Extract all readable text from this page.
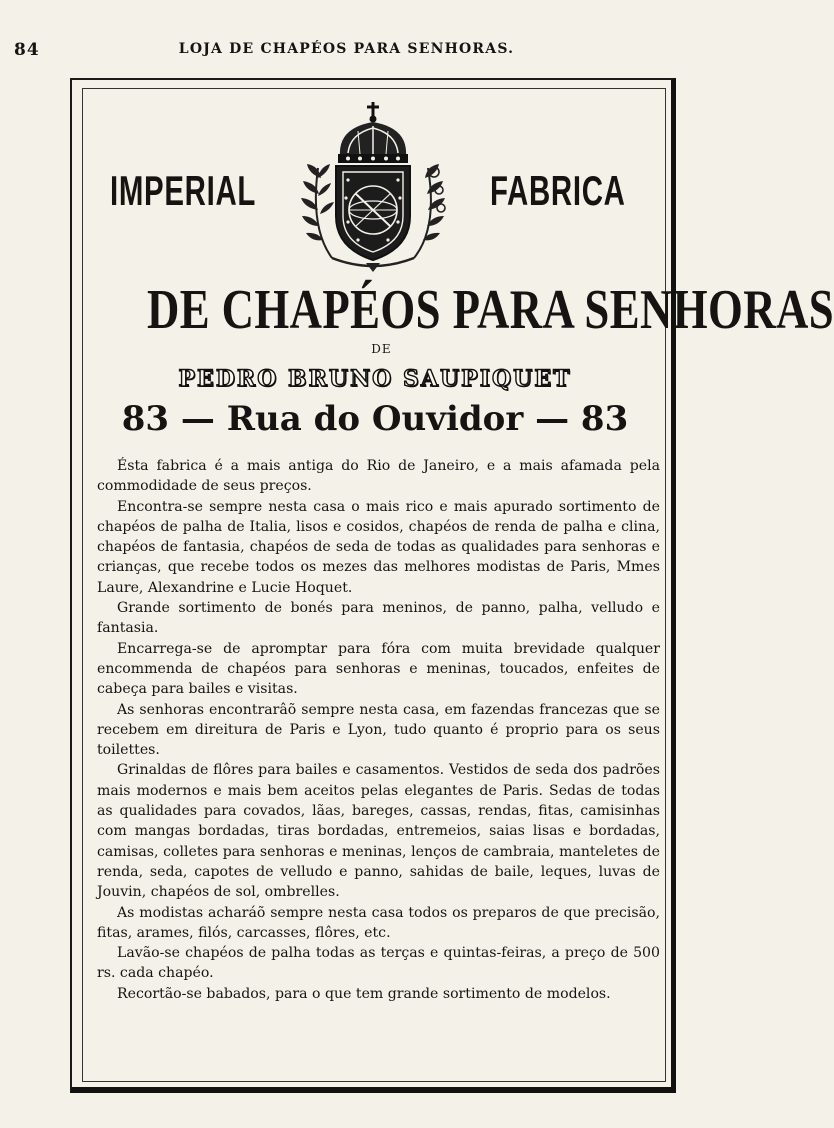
84	LOJA DE CHAPÉOS PARA SENHORAS.
IMPERIAL	FABRICA
DE CHAPÉOS PARA SENHORAS
DE
PEDRO BRUNO SAUPIQUET
83 — Rua do Ouvidor — 83

Ésta fabrica é a mais antiga do Rio de Janeiro, e a mais afamada pela commodidade de seus preços.

Encontra-se sempre nesta casa o mais rico e mais apurado sortimento de chapéos de palha de Italia, lisos e cosidos, chapéos de renda de palha e clina, chapéos de fantasia, chapéos de seda de todas as qualidades para senhoras e crianças, que recebe todos os mezes das melhores modistas de Paris, Mmes Laure, Alexandrine e Lucie Hoquet.

Grande sortimento de bonés para meninos, de panno, palha, velludo e fantasia.

Encarrega-se de apromptar para fóra com muita brevidade qualquer encommenda de chapéos para senhoras e meninas, toucados, enfeites de cabeça para bailes e visitas.

As senhoras encontrarâõ sempre nesta casa, em fazendas francezas que se recebem em direitura de Paris e Lyon, tudo quanto é proprio para os seus toilettes.

Grinaldas de flôres para bailes e casamentos. Vestidos de seda dos padrões mais modernos e mais bem aceitos pelas elegantes de Paris. Sedas de todas as qualidades para covados, lãas, bareges, cassas, rendas, fitas, camisinhas com mangas bordadas, tiras bordadas, entremeios, saias lisas e bordadas, camisas, colletes para senhoras e meninas, lenços de cambraia, manteletes de renda, seda, capotes de velludo e panno, sahidas de baile, leques, luvas de Jouvin, chapéos de sol, ombrelles.

As modistas acharáõ sempre nesta casa todos os preparos de que precisão, fitas, arames, filós, carcasses, flôres, etc.

Lavão-se chapéos de palha todas as terças e quintas-feiras, a preço de 500 rs. cada chapéo.

Recortão-se babados, para o que tem grande sortimento de modelos.
